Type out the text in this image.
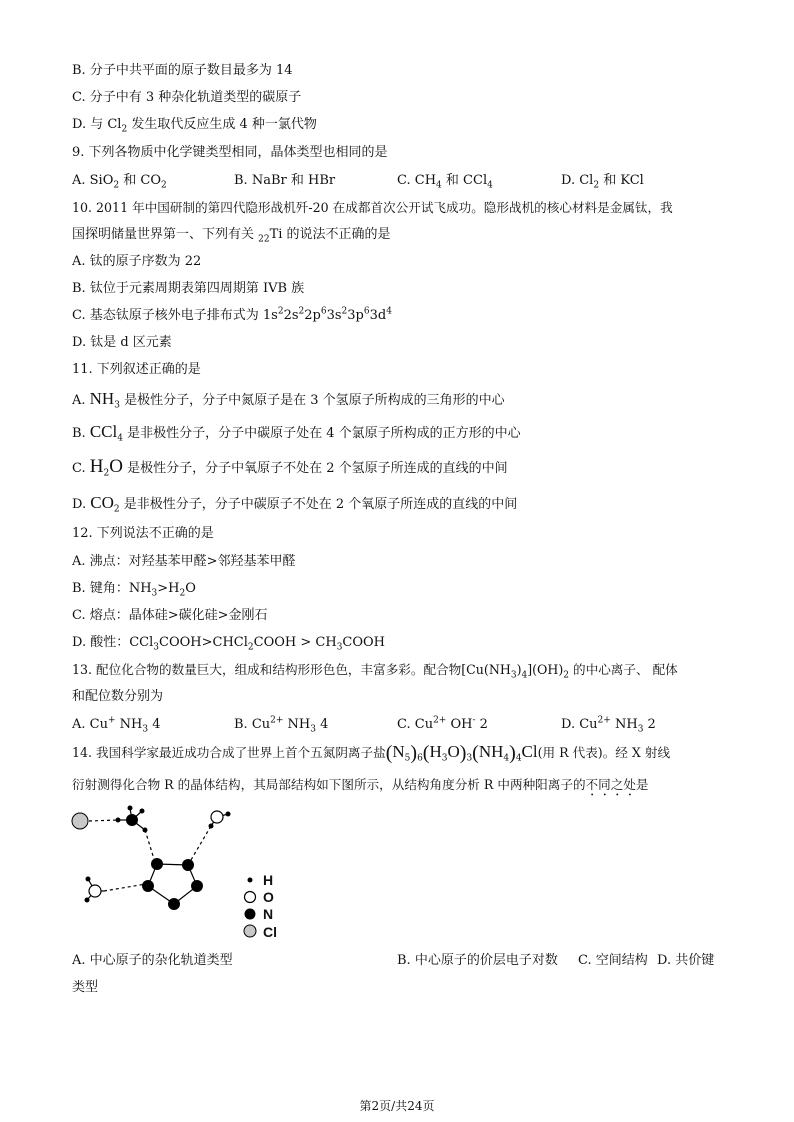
B. 分子中共平面的原子数目最多为 14
C. 分子中有 3 种杂化轨道类型的碳原子
D. 与 $Cl_2$ 发生取代反应生成 4 种一氯代物
9. 下列各物质中化学键类型相同，晶体类型也相同的是
A. SiO$_2$ 和 $CO_2$	B. NaBr 和 HBr	C. $CH_4$ 和 CCl$_4$	D. $Cl_2$ 和 KCl
10. 2011 年中国研制的第四代隐形战机歼-20 在成都首次公开试飞成功。隐形战机的核心材料是金属钛，我
国探明储量世界第一、下列有关 $_{22}$Ti 的说法不正确的是
A. 钛的原子序数为 22
B. 钛位于元素周期表第四周期第 IVB 族
C. 基态钛原子核外电子排布式为 $1s^22s^22p^63s^23p^63d^4$
D. 钛是 d 区元素
11. 下列叙述正确的是
A. $NH_3$ 是极性分子，分子中氮原子是在 3 个氢原子所构成的三角形的中心
B. CCl$_4$ 是非极性分子，分子中碳原子处在 4 个氯原子所构成的正方形的中心
C. $H_2O$ 是极性分子，分子中氧原子不处在 2 个氢原子所连成的直线的中间
D. $CO_2$ 是非极性分子，分子中碳原子不处在 2 个氧原子所连成的直线的中间
12. 下列说法不正确的是
A. 沸点：对羟基苯甲醛>邻羟基苯甲醛
B. 键角：$NH_3>H_2O$
C. 熔点：晶体硅>碳化硅>金刚石
D. 酸性：CCl$_3$COOH>CHCl$_2$COOH > $CH_3COOH$
13. 配位化合物的数量巨大，组成和结构形形色色，丰富多彩。配合物$[Cu(NH_3)_4](OH)_2$ 的中心离子、 配体
和配位数分别为
A. Cu+ $NH_3$ 4	B. $Cu^{2+}$ $NH_3$ 4	C. $Cu^{2+}$ OH- 2	D. $Cu^{2+}$ $NH_3$ 2
14. 我国科学家最近成功合成了世界上首个五氮阴离子盐$(N_5)_6(H_3O)_3(NH_4)_4Cl$(用 R 代表)。经 X 射线
衍射测得化合物 R 的晶体结构，其局部结构如下图所示，从结构角度分析 R 中两种阳离子的不同之处是
H
O
N
Cl
A. 中心原子的杂化轨道类型	B. 中心原子的价层电子对数 C. 空间结构 D. 共价键
类型
第2页/共24页
